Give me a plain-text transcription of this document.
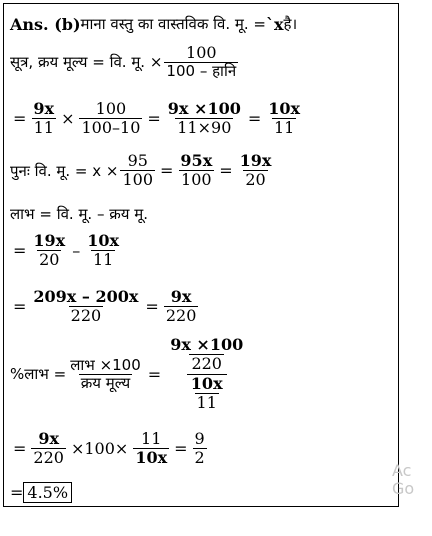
Ans. (b) माना वस्तु का वास्तविक वि. मू. = `x है।
सूत्र, क्रय मूल्य = वि. मू. × $\frac{100}{\text{100 – हानि}}$
= $\frac{9x}{11} \times \frac{100}{100-10} = \frac{9x \times 100}{11\times 90} = \frac{10x}{11}$
पुनः वि. मू. = $x \times \frac{95}{100} = \frac{95x}{100} = \frac{19x}{20}$
लाभ = वि. मू. – क्रय मू.
= $\frac{19x}{20} - \frac{10x}{11}$
= $\frac{209x - 200x}{220} = \frac{9x}{220}$
%लाभ = $\frac{\text{लाभ ×100}}{\text{क्रय मूल्य}} = \frac{\frac{9x \times 100}{220}}{\frac{10x}{11}}$
= $\frac{9x}{220} \times 100\times \frac{11}{10x} = \frac{9}{2}$
= 4.5%
Ac
Go
